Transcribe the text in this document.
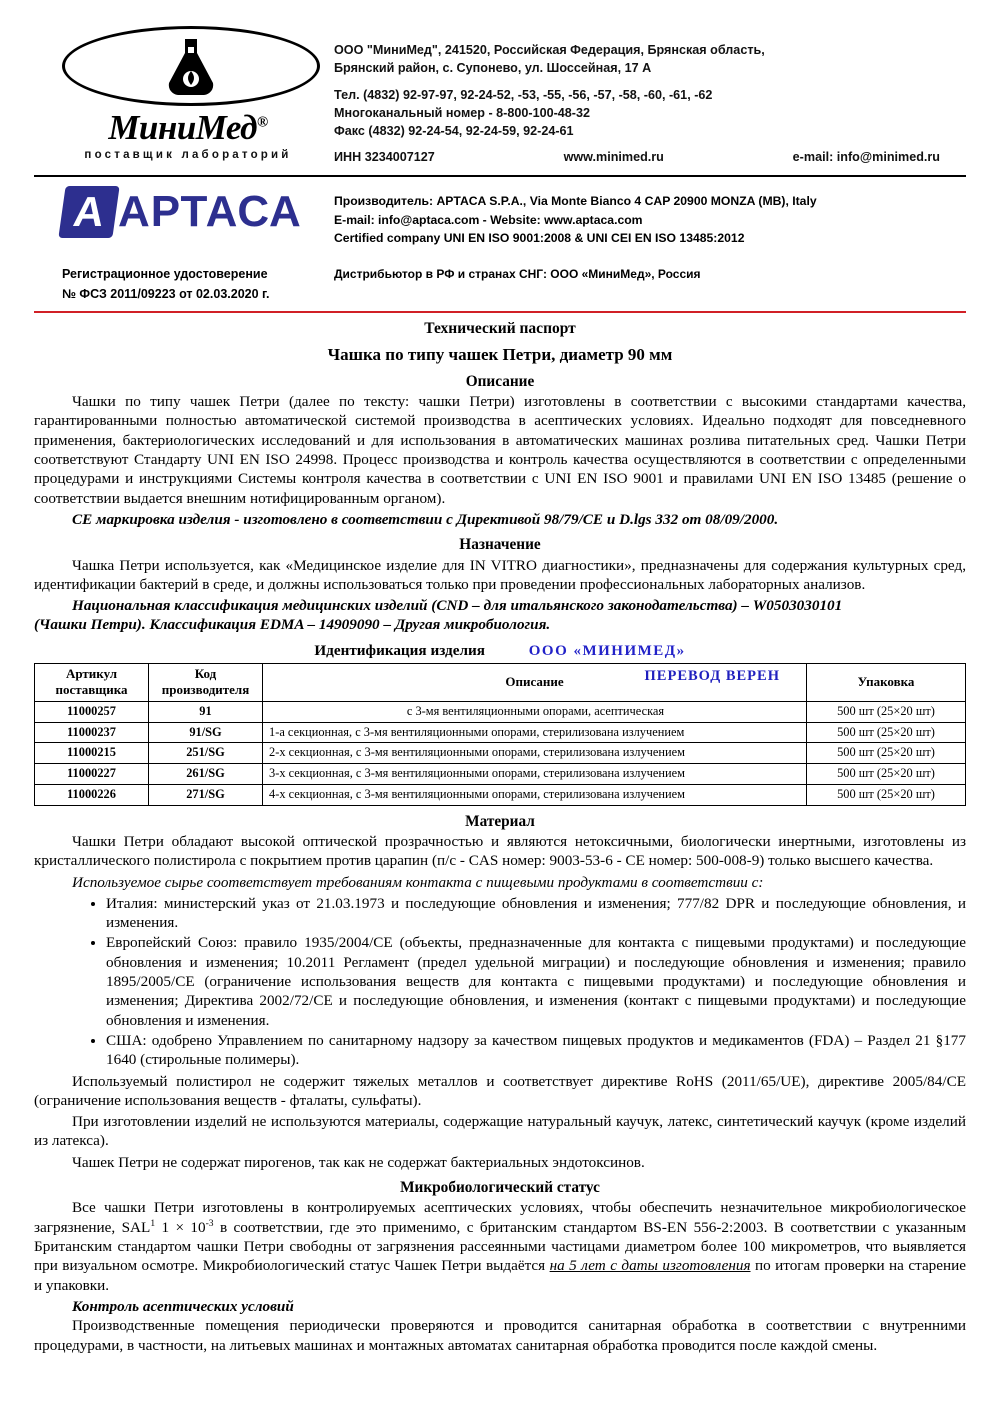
МиниМед®
поставщик лабораторий
ООО "МиниМед", 241520, Российская Федерация, Брянская область,
Брянский район, с. Супонево, ул. Шоссейная, 17 А
Тел. (4832) 92-97-97, 92-24-52, -53, -55, -56, -57, -58, -60, -61, -62
Многоканальный номер - 8-800-100-48-32
Факс (4832) 92-24-54, 92-24-59, 92-24-61
ИНН 3234007127	www.minimed.ru	e-mail: info@minimed.ru
A АРТАСА	Производитель: APTACA S.P.A., Via Monte Bianco 4 CAP 20900 MONZA (MB), Italy
E-mail: info@aptaca.com - Website: www.aptaca.com
Certified company UNI EN ISO 9001:2008 & UNI CEI EN ISO 13485:2012
Регистрационное удостоверение
№ ФСЗ 2011/09223 от 02.03.2020 г.
Дистрибьютор в РФ и странах СНГ: ООО «МиниМед», Россия
Технический паспорт
Чашка по типу чашек Петри, диаметр 90 мм
Описание

Чашки по типу чашек Петри (далее по тексту: чашки Петри) изготовлены в соответствии с высокими стандартами качества, гарантированными полностью автоматической системой производства в асептических условиях. Идеально подходят для повседневного применения, бактериологических исследований и для использования в автоматических машинах розлива питательных сред. Чашки Петри соответствуют Стандарту UNI EN ISO 24998. Процесс производства и контроль качества осуществляются в соответствии с определенными процедурами и инструкциями Системы контроля качества в соответствии с UNI EN ISO 9001 и правилами UNI EN ISO 13485 (решение о соответствии выдается внешним нотифицированным органом).

CE маркировка изделия - изготовлено в соответствии с Директивой 98/79/CE и D.lgs 332 от 08/09/2000.

Назначение

Чашка Петри используется, как «Медицинское изделие для IN VITRO диагностики», предназначены для содержания культурных сред, идентификации бактерий в среде, и должны использоваться только при проведении профессиональных лабораторных анализов.

Национальная классификация медицинских изделий (CND – для итальянского законодательства) – W0503030101

(Чашки Петри). Классификация EDMA – 14909090 – Другая микробиология.

Идентификация изделия	ООО «МИНИМЕД»
Артикул поставщика	Код производителя	Описание ПЕРЕВОД ВЕРЕН	Упаковка
11000257	91	с 3-мя вентиляционными опорами, асептическая	500 шт (25×20 шт)
11000237	91/SG	1-а секционная, с 3-мя вентиляционными опорами, стерилизована излучением	500 шт (25×20 шт)
11000215	251/SG	2-х секционная, с 3-мя вентиляционными опорами, стерилизована излучением	500 шт (25×20 шт)
11000227	261/SG	3-х секционная, с 3-мя вентиляционными опорами, стерилизована излучением	500 шт (25×20 шт)
11000226	271/SG	4-х секционная, с 3-мя вентиляционными опорами, стерилизована излучением	500 шт (25×20 шт)
Материал

Чашки Петри обладают высокой оптической прозрачностью и являются нетоксичными, биологически инертными, изготовлены из кристаллического полистирола с покрытием против царапин (п/с - CAS номер: 9003-53-6 - CE номер: 500-008-9) только высшего качества.

Используемое сырье соответствует требованиям контакта с пищевыми продуктами в соответствии с:

• Италия: министерский указ от 21.03.1973 и последующие обновления и изменения; 777/82 DPR и последующие обновления, и изменения.
• Европейский Союз: правило 1935/2004/CE (объекты, предназначенные для контакта с пищевыми продуктами) и последующие обновления и изменения; 10.2011 Регламент (предел удельной миграции) и последующие обновления и изменения; правило 1895/2005/CE (ограничение использования веществ для контакта с пищевыми продуктами) и последующие обновления и изменения; Директива 2002/72/CE и последующие обновления, и изменения (контакт с пищевыми продуктами) и последующие обновления и изменения.
• США: одобрено Управлением по санитарному надзору за качеством пищевых продуктов и медикаментов (FDA) – Раздел 21 §177 1640 (стирольные полимеры).

Используемый полистирол не содержит тяжелых металлов и соответствует директиве RoHS (2011/65/UE), директиве 2005/84/CE (ограничение использования веществ - фталаты, сульфаты).

При изготовлении изделий не используются материалы, содержащие натуральный каучук, латекс, синтетический каучук (кроме изделий из латекса).

Чашек Петри не содержат пирогенов, так как не содержат бактериальных эндотоксинов.

Микробиологический статус

Все чашки Петри изготовлены в контролируемых асептических условиях, чтобы обеспечить незначительное микробиологическое загрязнение, SAL$^1$ $1 \times 10^{-3}$ в соответствии, где это применимо, с британским стандартом BS-EN 556-2:2003. В соответствии с указанным Британским стандартом чашки Петри свободны от загрязнения рассеянными частицами диаметром более 100 микрометров, что выявляется при визуальном осмотре. Микробиологический статус Чашек Петри выдаётся на 5 лет с даты изготовления по итогам проверки на старение и упаковки.

Контроль асептических условий

Производственные помещения периодически проверяются и проводится санитарная обработка в соответствии с внутренними процедурами, в частности, на литьевых машинах и монтажных автоматах санитарная обработка проводится после каждой смены.
